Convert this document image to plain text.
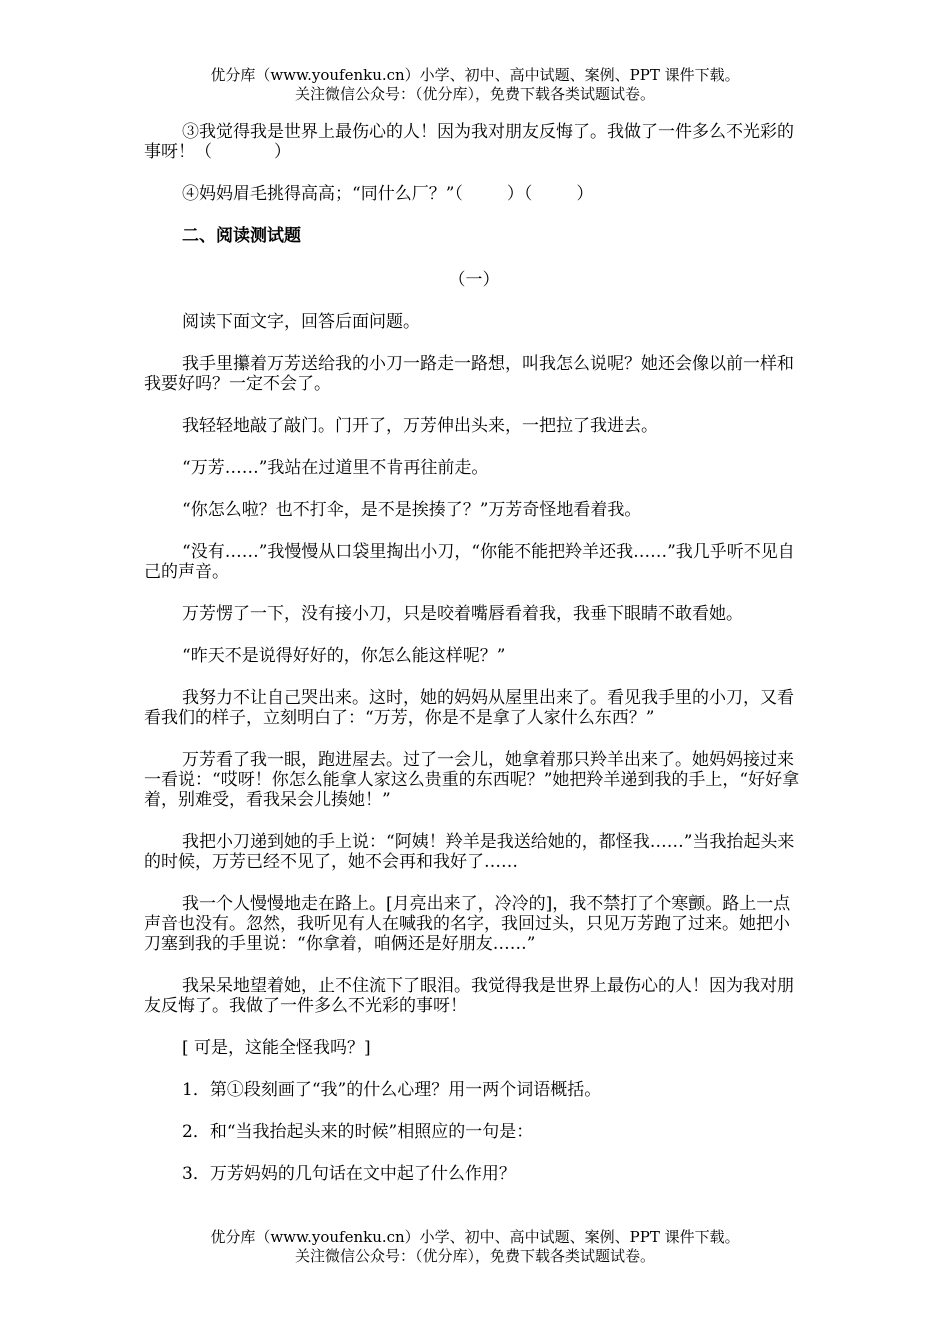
优分库（www.youfenku.cn）小学、初中、高中试题、案例、PPT 课件下载。
关注微信公众号：（优分库），免费下载各类试题试卷。
③我觉得我是世界上最伤心的人！因为我对朋友反悔了。我做了一件多么不光彩的事呀！（	）
④妈妈眉毛挑得高高；“同什么厂？”（	）（	）
二、阅读测试题
（一）
阅读下面文字，回答后面问题。
我手里攥着万芳送给我的小刀一路走一路想，叫我怎么说呢？她还会像以前一样和我要好吗？一定不会了。
我轻轻地敲了敲门。门开了，万芳伸出头来，一把拉了我进去。
“万芳……”我站在过道里不肯再往前走。
“你怎么啦？也不打伞，是不是挨揍了？”万芳奇怪地看着我。
“没有……”我慢慢从口袋里掏出小刀，“你能不能把羚羊还我……”我几乎听不见自己的声音。
万芳愣了一下，没有接小刀，只是咬着嘴唇看着我，我垂下眼睛不敢看她。
“昨天不是说得好好的，你怎么能这样呢？”
我努力不让自己哭出来。这时，她的妈妈从屋里出来了。看见我手里的小刀，又看看我们的样子，立刻明白了：“万芳，你是不是拿了人家什么东西？”
万芳看了我一眼，跑进屋去。过了一会儿，她拿着那只羚羊出来了。她妈妈接过来一看说：“哎呀！你怎么能拿人家这么贵重的东西呢？”她把羚羊递到我的手上，“好好拿着，别难受，看我呆会儿揍她！”
我把小刀递到她的手上说：“阿姨！羚羊是我送给她的，都怪我……”当我抬起头来的时候，万芳已经不见了，她不会再和我好了……
我一个人慢慢地走在路上。[月亮出来了，冷冷的]，我不禁打了个寒颤。路上一点声音也没有。忽然，我听见有人在喊我的名字，我回过头，只见万芳跑了过来。她把小刀塞到我的手里说：“你拿着，咱俩还是好朋友……”
我呆呆地望着她，止不住流下了眼泪。我觉得我是世界上最伤心的人！因为我对朋友反悔了。我做了一件多么不光彩的事呀！
[ 可是，这能全怪我吗？]
1．第①段刻画了“我”的什么心理？用一两个词语概括。
2．和“当我抬起头来的时候”相照应的一句是：
3．万芳妈妈的几句话在文中起了什么作用？
优分库（www.youfenku.cn）小学、初中、高中试题、案例、PPT 课件下载。
关注微信公众号：（优分库），免费下载各类试题试卷。
